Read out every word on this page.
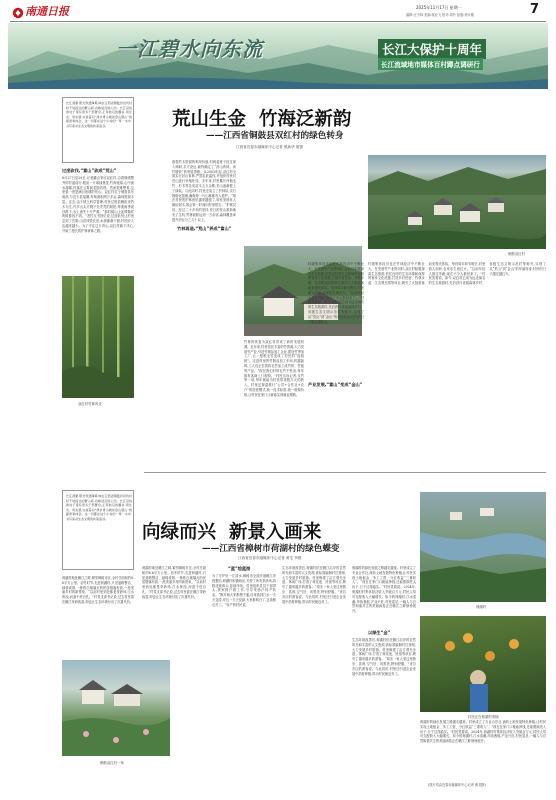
南通日报	2025年11月17日 星期一
编辑:汪小林 美编:蒋亚飞 校对:周玲 组版:徐永刚	7
一江碧水向东流	长江大保护十周年
长江流域地市媒体百村蹲点调研行
长江清澈,阳光穿透薄雾,映在江西省铜鼓县双坑村时不时掠过的群山间,也映进百姓心田。长江沿线的村子里有很多干部群众,正用他们的脚步,用生态、用实践,完成着对“绿水青山就是金山银山”的探索和体会。这一切都在这个小村的一草一木中,书写着对生态文明的执着追寻。
过度砍伐,“富山”砍成“荒山”
8月27日至29日,记者蹲点采访双红村,沿着修缮整齐的村道前行,眼前一片翠绿葱茏,竹海延绵,山中流水潺潺,村落在云雾间若隐若现。然而很难想象,这里曾一度是满目疮痍的荒山。双红村位于铜鼓县东南部,与宜丰县接壤,村域面积两万多亩,森林资源丰富。过去,由于缺乏科学管理,村民过度依赖砍伐竹木为生,许多山头只剩下光秃秃的树桩,每逢雨季泥沙俱下,水土流失十分严重。“那时候山上连棵像样的树都找不到。”老村支书回忆说,过度砍伐让村里尝到了苦果:山洪冲毁农田,水源渐渐干涸,村民收入也越来越少。为了守住这片青山,双红村痛下决心,开始了漫长的护林育林之路。
双红村竹林风光
荒山生金  竹海泛新韵
——江西省铜鼓县双红村的绿色转身
江西省宜春市融媒体中心记者 熊新华 胡蕾
铜鼓双红村
欲强竹木资源的利用价值,村两委班子经过深入调研,多方论证,最终确定了“封山育林、育竹增收”的发展思路。从2003年起,双红村全面实行封山育林,严禁乱砍滥伐,并组织村民对荒山进行补植补造。多年来,村里累计补植毛竹、杉木等各类苗木五万余株,荒山逐渐披上了绿装。与此同时,村里还成立了护林队,实行网格化管理,确保每一片山林都有人看护。“现在村民的护林意识越来越强了,谁家发现有人偷砍树木,都会第一时间向村里报告。”护林员说。经过二十多年的坚持,昔日的荒山重新焕发了生机,竹林面积达到一万余亩,森林覆盖率提升到百分之九十以上。
竹林再造,“荒山”养成“富山”
竹林的恢复为双红村带来了新的发展机遇。近年来,村里依托丰富的竹资源,大力发展竹产业,引进竹制品加工企业,建设竹笋加工厂,让一根根毛竹变成了村民的“摇钱树”。走进村里的竹制品加工车间,机器轰鸣,工人们正忙着将毛竹加工成竹筷、竹板等产品。“现在我们村的毛竹不愁卖,每年都有客商上门收购。”村民告诉记者,仅竹笋一项,每年就能为村民带来数万元的收入。村里还探索推行“公司+合作社+农户”的经营模式,统一技术标准,统一收购价格,让村民在家门口就能实现就业增收。
产业发展,“富山”变成“金山”
村级集体经济也在竹林经济中不断壮大。在发展竹产业的同时,双红村积极探索生态旅游,依托良好的生态环境和深厚的客家文化底蕴,打造乡村民宿、竹林步道、生态观光园等项目,吸引了大批游客前来观光体验。每到周末和节假日,村里游人如织,农家乐生意红火。“以前年轻人都往外跑,现在不少人都回来了。”村民笑着说。如今,双红村已成为远近闻名的生态旅游村,先后获评省级森林乡村、省级生态文明示范村等称号,实现了从“荒山”到“金山”的华丽转身,村民的日子越过越红火。
村级集体经济也在竹林经济中不断壮大。在发展竹产业的同时,双红村积极探索生态旅游,依托良好的生态环境和深厚的客家文化底蕴,打造乡村民宿、竹林步道、生态观光园等项目,吸引了大批游客前来观光体验。每到周末和节假日,村里游人如织,农家乐生意红火。“以前年轻人都往外跑,现在不少人都回来了。”村民笑着说。如今,双红村已成为远近闻名的生态旅游村,先后获评省级森林乡村、省级生态文明示范村等称号,实现了从“荒山”到“金山”的华丽转身,村民的日子越过越红火。
长江清澈,阳光穿透薄雾,映在江西省铜鼓县双坑村时不时掠过的群山间,也映进百姓心田。长江沿线的村子里有很多干部群众,正用他们的脚步,用生态、用实践,完成着对“绿水青山就是金山银山”的探索和体会。这一切都在这个小村的一草一木中,书写着对生态文明的执着追寻。
荷湖村地处赣江之畔,紧邻樟树市区,全村总面积约8.6平方公里。初冬时节,走进荷湖村,只见道路整洁、绿树成荫,一栋栋白墙黛瓦的民居错落有致,一派美丽乡村的新景象。“以前村里到处都是采砂场,江水浑浊,河道千疮百孔。”村党支部书记说,过去村民靠在赣江采砂致富,却也让生态环境付出了沉重代价。
铜鼓双红村一角
向绿而兴  新景入画来
——江西省樟树市荷湖村的绿色蝶变
江西省宜春市融媒体中心记者 黄龙 李捷
荷湖村
荷湖村地处赣江之畔,紧邻樟树市区,全村总面积约8.6平方公里。初冬时节,走进荷湖村,只见道路整洁、绿树成荫,一栋栋白墙黛瓦的民居错落有致,一派美丽乡村的新景象。“以前村里到处都是采砂场,江水浑浊,河道千疮百孔。”村党支部书记说,过去村民靠在赣江采砂致富,却也让生态环境付出了沉重代价。
“蓝”绘蓝图
为了守护好一江清水,樟树市全面开展赣江岸线整治,荷湖村积极响应,关停了所有采砂场,拆除违规码头,复绿岸线。村里组织党员干部带头,挨家挨户做工作,引导采砂户转产转业。“刚开始大家都想不通,后来看到江水一天天变清,岸边一天天变绿,大家都明白了,这条路走对了。”转产的村民说。
生态环境改善后,荷湖村依托赣江沿岸的自然风光和丰富的人文资源,高标准编制村庄规划,大力发展乡村旅游。村里修建了沿江观光步道、休闲广场,打造了荷花池、民宿等项目,吸引了越来越多的游客。“周末一家人来这里散步、赏荷,空气好、风景美,特别舒服。”来自市区的游客说。与此同时,村里还引进企业发展中药材种植,带动村民就近务工。
以绿生“金”
荷湖村的绿色发展之路越走越宽。村里成立了专业合作社,流转土地发展特色种植,让村民实现土地租金、务工工资、分红收益“三重收入”。“现在在家门口就能挣钱,还能照顾老人孩子,日子过得踏实。”村民笑着说。2024年,荷湖村村集体经济收入突破百万元,村民人均可支配收入大幅增长。如今的荷湖村,江水清澈,岸线葱郁,产业兴旺,村民富足,一幅人与自然和谐共生的美丽画卷正在赣江之畔徐徐展开。
生态环境改善后,荷湖村依托赣江沿岸的自然风光和丰富的人文资源,高标准编制村庄规划,大力发展乡村旅游。村里修建了沿江观光步道、休闲广场,打造了荷花池、民宿等项目,吸引了越来越多的游客。“周末一家人来这里散步、赏荷,空气好、风景美,特别舒服。”来自市区的游客说。与此同时,村里还引进企业发展中药材种植,带动村民就近务工。
村民正在荷湖村采摘
荷湖村的绿色发展之路越走越宽。村里成立了专业合作社,流转土地发展特色种植,让村民实现土地租金、务工工资、分红收益“三重收入”。“现在在家门口就能挣钱,还能照顾老人孩子,日子过得踏实。”村民笑着说。2024年,荷湖村村集体经济收入突破百万元,村民人均可支配收入大幅增长。如今的荷湖村,江水清澈,岸线葱郁,产业兴旺,村民富足,一幅人与自然和谐共生的美丽画卷正在赣江之畔徐徐展开。
(图片均由宜春市融媒体中心记者 黄龙摄)
